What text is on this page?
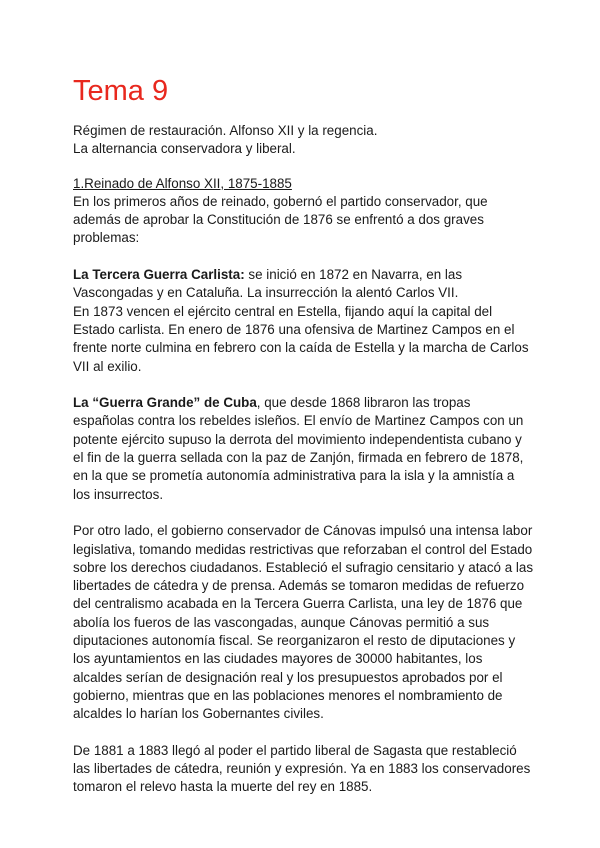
Tema 9
Régimen de restauración. Alfonso XII y la regencia.
La alternancia conservadora y liberal.
1.Reinado de Alfonso XII, 1875-1885

En los primeros años de reinado, gobernó el partido conservador, que además de aprobar la Constitución de 1876 se enfrentó a dos graves problemas:

La Tercera Guerra Carlista: se inició en 1872 en Navarra, en las Vascongadas y en Cataluña. La insurrección la alentó Carlos VII.

En 1873 vencen el ejército central en Estella, fijando aquí la capital del Estado carlista. En enero de 1876 una ofensiva de Martinez Campos en el frente norte culmina en febrero con la caída de Estella y la marcha de Carlos VII al exilio.

La “Guerra Grande” de Cuba, que desde 1868 libraron las tropas españolas contra los rebeldes isleños. El envío de Martinez Campos con un potente ejército supuso la derrota del movimiento independentista cubano y el fin de la guerra sellada con la paz de Zanjón, firmada en febrero de 1878, en la que se prometía autonomía administrativa para la isla y la amnistía a los insurrectos.

Por otro lado, el gobierno conservador de Cánovas impulsó una intensa labor legislativa, tomando medidas restrictivas que reforzaban el control del Estado sobre los derechos ciudadanos. Estableció el sufragio censitario y atacó a las libertades de cátedra y de prensa. Además se tomaron medidas de refuerzo del centralismo acabada en la Tercera Guerra Carlista, una ley de 1876 que abolía los fueros de las vascongadas, aunque Cánovas permitió a sus diputaciones autonomía fiscal. Se reorganizaron el resto de diputaciones y los ayuntamientos en las ciudades mayores de 30000 habitantes, los alcaldes serían de designación real y los presupuestos aprobados por el gobierno, mientras que en las poblaciones menores el nombramiento de alcaldes lo harían los Gobernantes civiles.

De 1881 a 1883 llegó al poder el partido liberal de Sagasta que restableció las libertades de cátedra, reunión y expresión. Ya en 1883 los conservadores tomaron el relevo hasta la muerte del rey en 1885.
